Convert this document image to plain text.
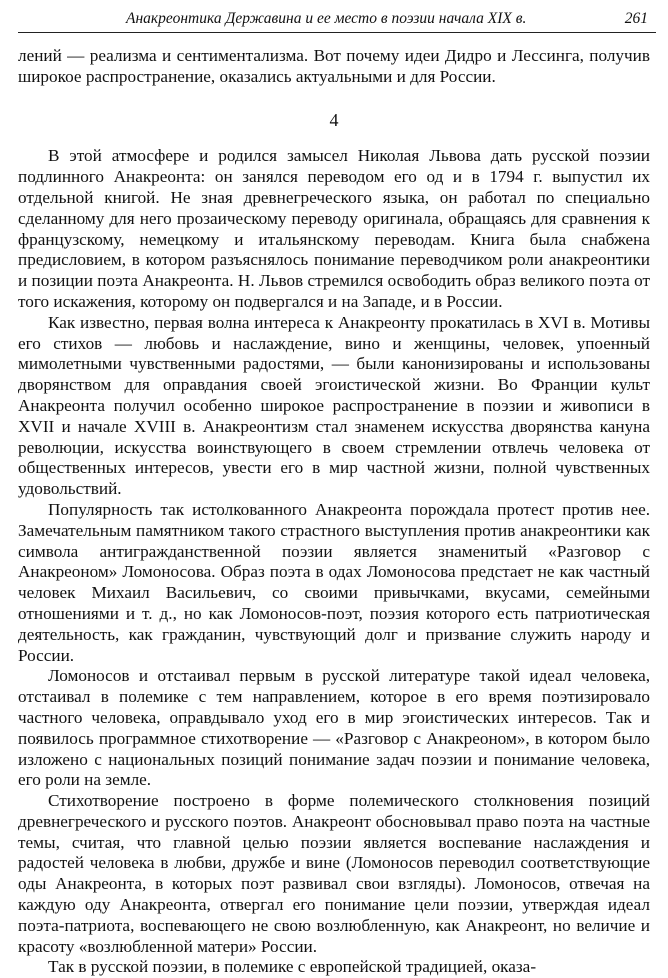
Анакреонтика Державина и ее место в поэзии начала XIX в.	261

лений — реализма и сентиментализма. Вот почему идеи Дидро и Лессинга, получив широкое распространение, оказались актуальными и для России.

4

В этой атмосфере и родился замысел Николая Львова дать русской поэзии подлинного Анакреонта: он занялся переводом его од и в 1794 г. выпустил их отдельной книгой. Не зная древнегреческого языка, он работал по специально сделанному для него прозаическому переводу оригинала, обращаясь для сравнения к французскому, немецкому и итальянскому переводам. Книга была снабжена предисловием, в котором разъяснялось понимание переводчиком роли анакреонтики и позиции поэта Анакреонта. Н. Львов стремился освободить образ великого поэта от того искажения, которому он подвергался и на Западе, и в России.

Как известно, первая волна интереса к Анакреонту прокатилась в XVI в. Мотивы его стихов — любовь и наслаждение, вино и женщины, человек, упоенный мимолетными чувственными радостями, — были канонизированы и использованы дворянством для оправдания своей эгоистической жизни. Во Франции культ Анакреонта получил особенно широкое распространение в поэзии и живописи в XVII и начале XVIII в. Анакреонтизм стал знаменем искусства дворянства кануна революции, искусства воинствующего в своем стремлении отвлечь человека от общественных интересов, увести его в мир частной жизни, полной чувственных удовольствий.

Популярность так истолкованного Анакреонта порождала протест против нее. Замечательным памятником такого страстного выступления против анакреонтики как символа антигражданственной поэзии является знаменитый «Разговор с Анакреоном» Ломоносова. Образ поэта в одах Ломоносова предстает не как частный человек Михаил Васильевич, со своими привычками, вкусами, семейными отношениями и т. д., но как Ломоносов-поэт, поэзия которого есть патриотическая деятельность, как гражданин, чувствующий долг и призвание служить народу и России.

Ломоносов и отстаивал первым в русской литературе такой идеал человека, отстаивал в полемике с тем направлением, которое в его время поэтизировало частного человека, оправдывало уход его в мир эгоистических интересов. Так и появилось программное стихотворение — «Разговор с Анакреоном», в котором было изложено с национальных позиций понимание задач поэзии и понимание человека, его роли на земле.

Стихотворение построено в форме полемического столкновения позиций древнегреческого и русского поэтов. Анакреонт обосновывал право поэта на частные темы, считая, что главной целью поэзии является воспевание наслаждения и радостей человека в любви, дружбе и вине (Ломоносов переводил соответствующие оды Анакреонта, в которых поэт развивал свои взгляды). Ломоносов, отвечая на каждую оду Анакреонта, отвергал его понимание цели поэзии, утверждая идеал поэта-патриота, воспевающего не свою возлюбленную, как Анакреонт, но величие и красоту «возлюбленной матери» России.

Так в русской поэзии, в полемике с европейской традицией, оказа-
